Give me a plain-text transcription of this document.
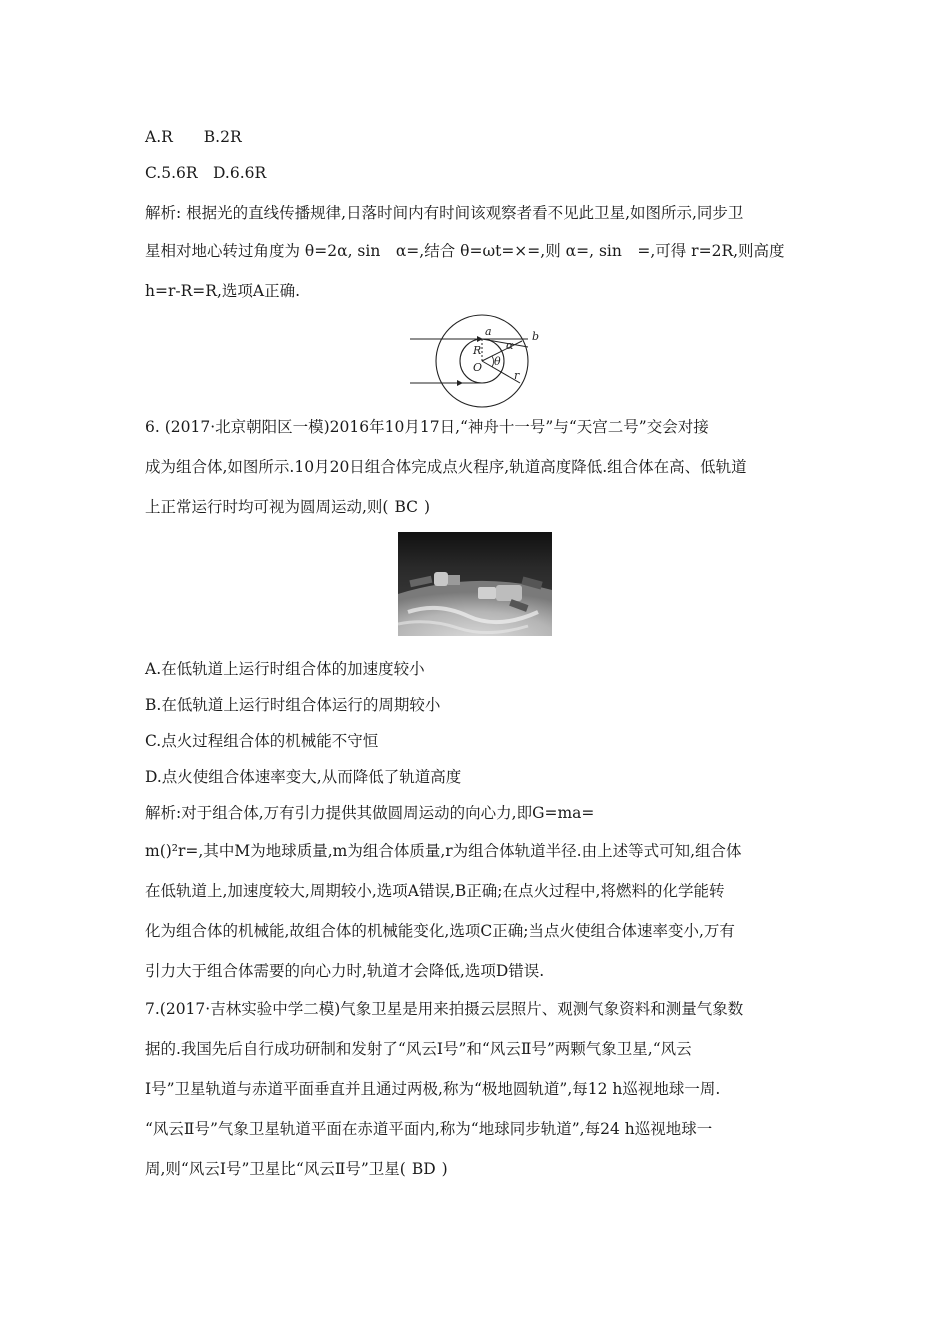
A.R　　B.2R

C.5.6R　D.6.6R

解析: 根据光的直线传播规律,日落时间内有时间该观察者看不见此卫星,如图所示,同步卫

星相对地心转过角度为 θ=2α, sin　α=,结合 θ=ωt=×=,则 α=, sin　=,可得 r=2R,则高度

h=r-R=R,选项A正确.

a	b
R
O
r
α
θ

6. (2017·北京朝阳区一模)2016年10月17日,“神舟十一号”与“天宫二号”交会对接

成为组合体,如图所示.10月20日组合体完成点火程序,轨道高度降低.组合体在高、低轨道

上正常运行时均可视为圆周运动,则( BC )

A.在低轨道上运行时组合体的加速度较小

B.在低轨道上运行时组合体运行的周期较小

C.点火过程组合体的机械能不守恒

D.点火使组合体速率变大,从而降低了轨道高度

解析:对于组合体,万有引力提供其做圆周运动的向心力,即G=ma=

m()²r=,其中M为地球质量,m为组合体质量,r为组合体轨道半径.由上述等式可知,组合体

在低轨道上,加速度较大,周期较小,选项A错误,B正确;在点火过程中,将燃料的化学能转

化为组合体的机械能,故组合体的机械能变化,选项C正确;当点火使组合体速率变小,万有

引力大于组合体需要的向心力时,轨道才会降低,选项D错误.

7.(2017·吉林实验中学二模)气象卫星是用来拍摄云层照片、观测气象资料和测量气象数

据的.我国先后自行成功研制和发射了“风云Ⅰ号”和“风云Ⅱ号”两颗气象卫星,“风云

Ⅰ号”卫星轨道与赤道平面垂直并且通过两极,称为“极地圆轨道”,每12 h巡视地球一周.

“风云Ⅱ号”气象卫星轨道平面在赤道平面内,称为“地球同步轨道”,每24 h巡视地球一

周,则“风云Ⅰ号”卫星比“风云Ⅱ号”卫星( BD )
